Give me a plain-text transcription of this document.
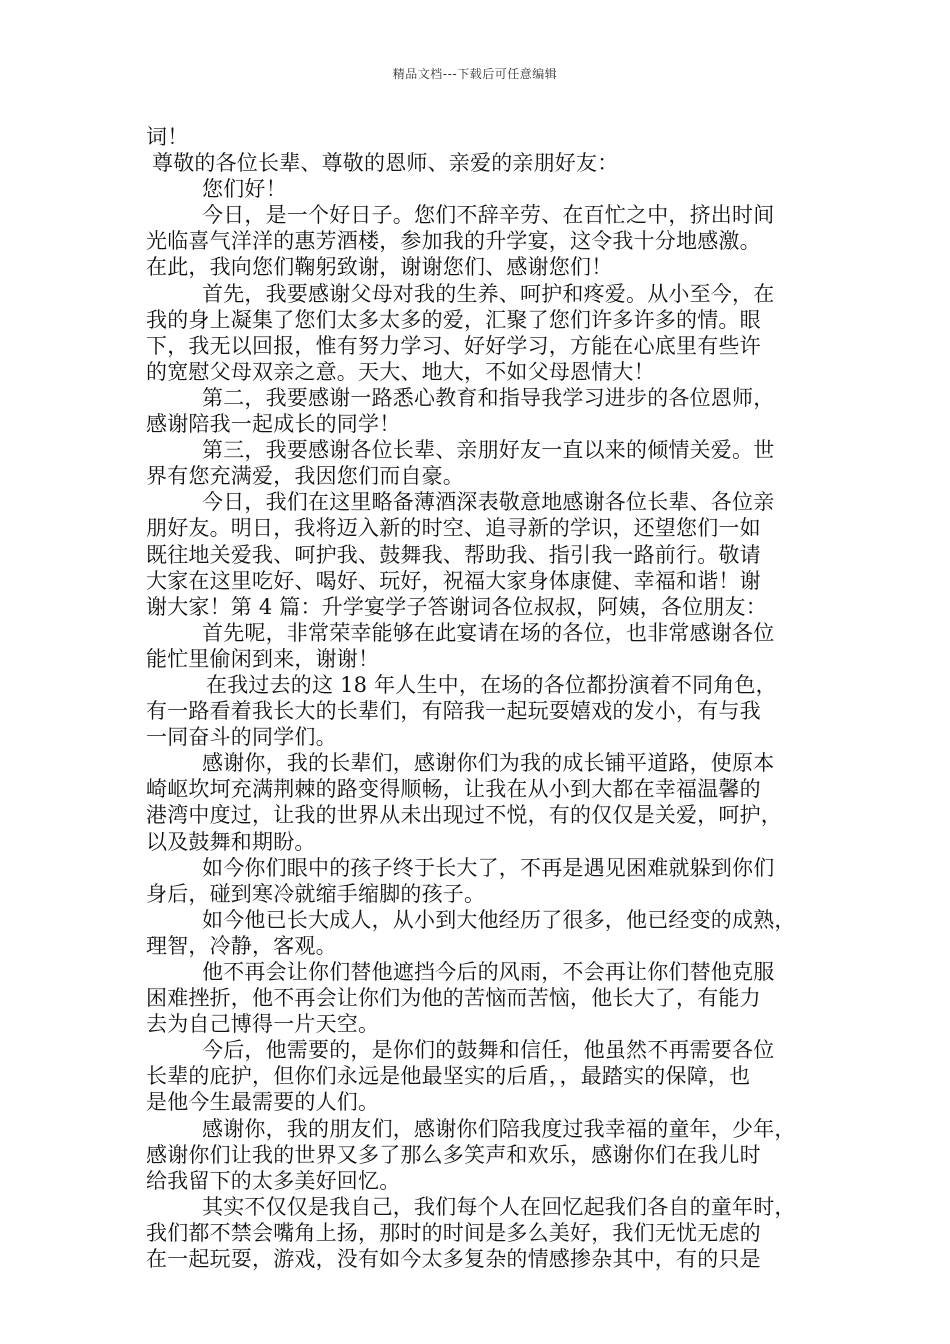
精品文档---下载后可任意编辑
词！
尊敬的各位长辈、尊敬的恩师、亲爱的亲朋好友：
您们好！
今日，是一个好日子。您们不辞辛劳、在百忙之中，挤出时间
光临喜气洋洋的惠芳酒楼，参加我的升学宴，这令我十分地感激。
在此，我向您们鞠躬致谢，谢谢您们、感谢您们！
首先，我要感谢父母对我的生养、呵护和疼爱。从小至今，在
我的身上凝集了您们太多太多的爱，汇聚了您们许多许多的情。眼
下，我无以回报，惟有努力学习、好好学习，方能在心底里有些许
的宽慰父母双亲之意。天大、地大，不如父母恩情大！
第二，我要感谢一路悉心教育和指导我学习进步的各位恩师，
感谢陪我一起成长的同学！
第三，我要感谢各位长辈、亲朋好友一直以来的倾情关爱。世
界有您充满爱，我因您们而自豪。
今日，我们在这里略备薄酒深表敬意地感谢各位长辈、各位亲
朋好友。明日，我将迈入新的时空、追寻新的学识，还望您们一如
既往地关爱我、呵护我、鼓舞我、帮助我、指引我一路前行。敬请
大家在这里吃好、喝好、玩好，祝福大家身体康健、幸福和谐！谢
谢大家！第 4 篇：升学宴学子答谢词各位叔叔，阿姨，各位朋友：
首先呢，非常荣幸能够在此宴请在场的各位，也非常感谢各位
能忙里偷闲到来，谢谢！
在我过去的这 18 年人生中，在场的各位都扮演着不同角色，
有一路看着我长大的长辈们，有陪我一起玩耍嬉戏的发小，有与我
一同奋斗的同学们。
感谢你，我的长辈们，感谢你们为我的成长铺平道路，使原本
崎岖坎坷充满荆棘的路变得顺畅，让我在从小到大都在幸福温馨的
港湾中度过，让我的世界从未出现过不悦，有的仅仅是关爱，呵护，
以及鼓舞和期盼。
如今你们眼中的孩子终于长大了，不再是遇见困难就躲到你们
身后，碰到寒冷就缩手缩脚的孩子。
如今他已长大成人，从小到大他经历了很多，他已经变的成熟，
理智，冷静，客观。
他不再会让你们替他遮挡今后的风雨，不会再让你们替他克服
困难挫折，他不再会让你们为他的苦恼而苦恼，他长大了，有能力
去为自己博得一片天空。
今后，他需要的，是你们的鼓舞和信任，他虽然不再需要各位
长辈的庇护，但你们永远是他最坚实的后盾，，最踏实的保障，也
是他今生最需要的人们。
感谢你，我的朋友们，感谢你们陪我度过我幸福的童年，少年，
感谢你们让我的世界又多了那么多笑声和欢乐，感谢你们在我儿时
给我留下的太多美好回忆。
其实不仅仅是我自己，我们每个人在回忆起我们各自的童年时，
我们都不禁会嘴角上扬，那时的时间是多么美好，我们无忧无虑的
在一起玩耍，游戏，没有如今太多复杂的情感掺杂其中，有的只是
